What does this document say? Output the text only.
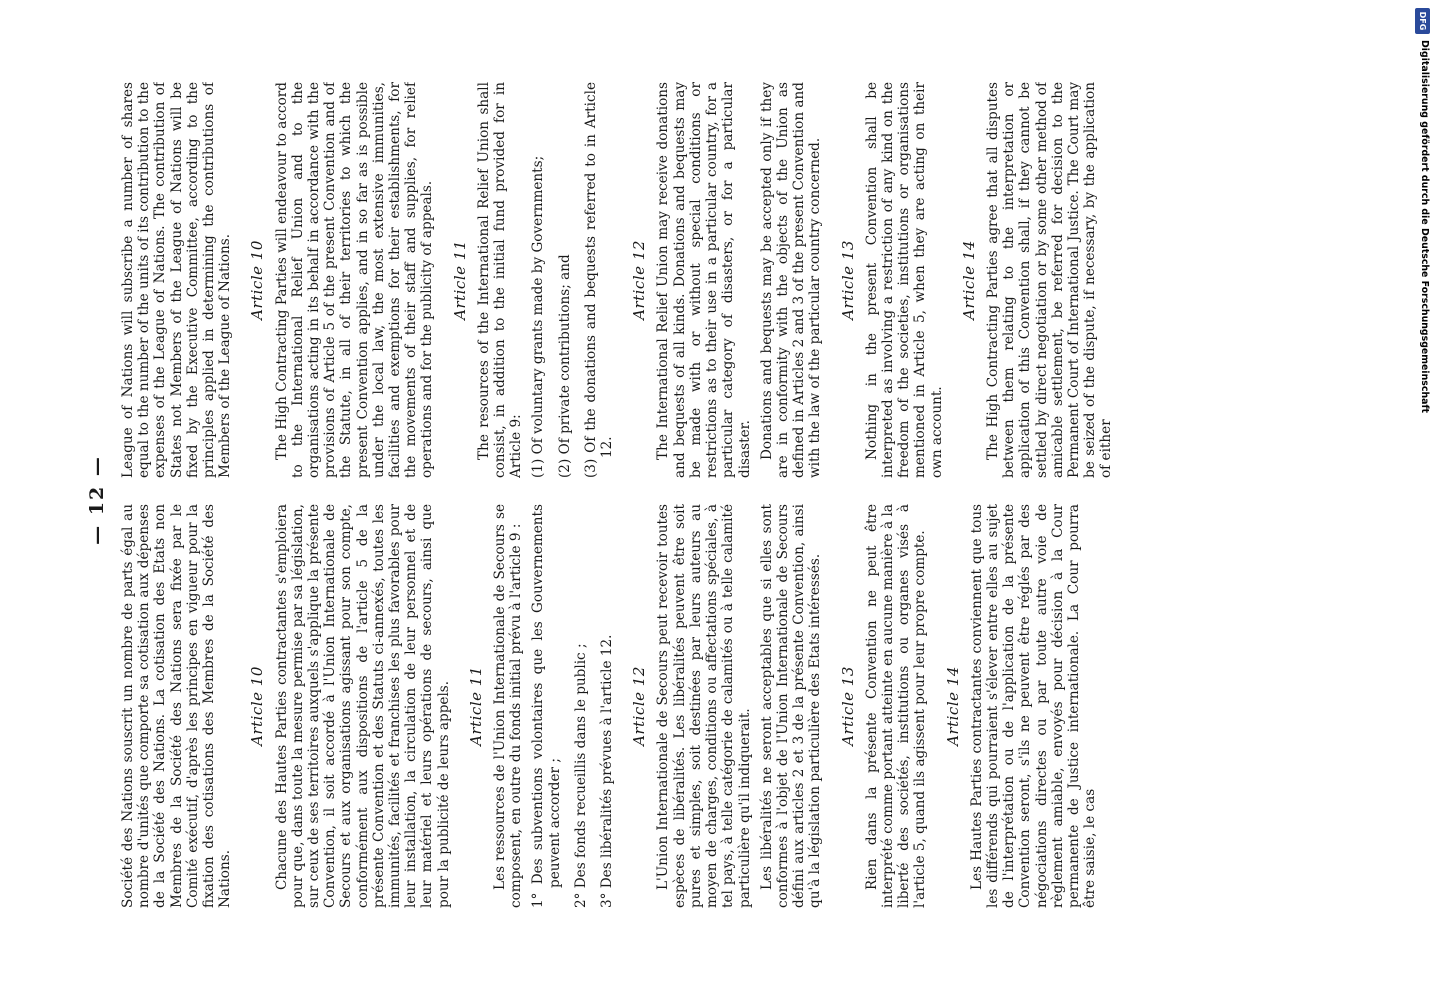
— 12 —

Société des Nations souscrit un nombre de parts égal au nombre d'unités que comporte sa cotisation aux dépenses de la Société des Nations. La cotisation des Etats non Membres de la Société des Nations sera fixée par le Comité exécutif, d'après les principes en vigueur pour la fixation des cotisations des Membres de la Société des Nations.

Article 10 Chacune des Hautes Parties contractantes s'emploiera pour que, dans toute la mesure permise par sa législation, sur ceux de ses territoires auxquels s'applique la présente Convention, il soit accordé à l'Union Internationale de Secours et aux organisations agissant pour son compte, conformément aux dispositions de l'article 5 de la présente Convention et des Statuts ci-annexés, toutes les immunités, facilités et franchises les plus favorables pour leur installation, la circulation de leur personnel et de leur matériel et leurs opérations de secours, ainsi que pour la publicité de leurs appels. Article 11 Les ressources de l'Union Internationale de Secours se composent, en outre du fonds initial prévu à l'article 9 : 1° Des subventions volontaires que les Gouvernements peuvent accorder ; 2° Des fonds recueillis dans le public ; 3° Des libéralités prévues à l'article 12. Article 12 L'Union Internationale de Secours peut recevoir toutes espèces de libéralités. Les libéralités peuvent être soit pures et simples, soit destinées par leurs auteurs au moyen de charges, conditions ou affectations spéciales, à tel pays, à telle catégorie de calamités ou à telle calamité particulière qu'il indiquerait. Les libéralités ne seront acceptables que si elles sont conformes à l'objet de l'Union Internationale de Secours défini aux articles 2 et 3 de la présente Convention, ainsi qu'à la législation particulière des Etats intéressés. Article 13 Rien dans la présente Convention ne peut être interprété comme portant atteinte en aucune manière à la liberté des sociétés, institutions ou organes visés à l'article 5, quand ils agissent pour leur propre compte. Article 14 Les Hautes Parties contractantes conviennent que tous les différends qui pourraient s'élever entre elles au sujet de l'interprétation ou de l'application de la présente Convention seront, s'ils ne peuvent être réglés par des négociations directes ou par toute autre voie de règlement amiable, envoyés pour décision à la Cour permanente de Justice internationale. La Cour pourra être saisie, le cas

League of Nations will subscribe a number of shares equal to the number of the units of its contribution to the expenses of the League of Nations. The contribution of States not Members of the League of Nations will be fixed by the Executive Committee, according to the principles applied in determining the contributions of Members of the League of Nations. Article 10 The High Contracting Parties will endeavour to accord to the International Relief Union and to the organisations acting in its behalf in accordance with the provisions of Article 5 of the present Convention and of the Statute, in all of their territories to which the present Convention applies, and in so far as is possible under the local law, the most extensive immunities, facilities and exemptions for their establishments, for the movements of their staff and supplies, for relief operations and for the publicity of appeals. Article 11 The resources of the International Relief Union shall consist, in addition to the initial fund provided for in Article 9: (1) Of voluntary grants made by Governments; (2) Of private contributions; and (3) Of the donations and bequests referred to in Article 12.
Article 12 The International Relief Union may receive donations and bequests of all kinds. Donations and bequests may be made with or without special conditions or restrictions as to their use in a particular country, for a particular category of disasters, or for a particular disaster. Donations and bequests may be accepted only if they are in conformity with the objects of the Union as defined in Articles 2 and 3 of the present Convention and with the law of the particular country concerned. Article 13 Nothing in the present Convention shall be interpreted as involving a restriction of any kind on the freedom of the societies, institutions or organisations mentioned in Article 5, when they are acting on their own account.

Article 14 The High Contracting Parties agree that all disputes between them relating to the interpretation or application of this Convention shall, if they cannot be settled by direct negotiation or by some other method of amicable settlement, be referred for decision to the Permanent Court of International Justice. The Court may be seized of the dispute, if necessary, by the application of either

DFG
Digitalisierung gefördert durch die Deutsche Forschungsgemeinschaft
